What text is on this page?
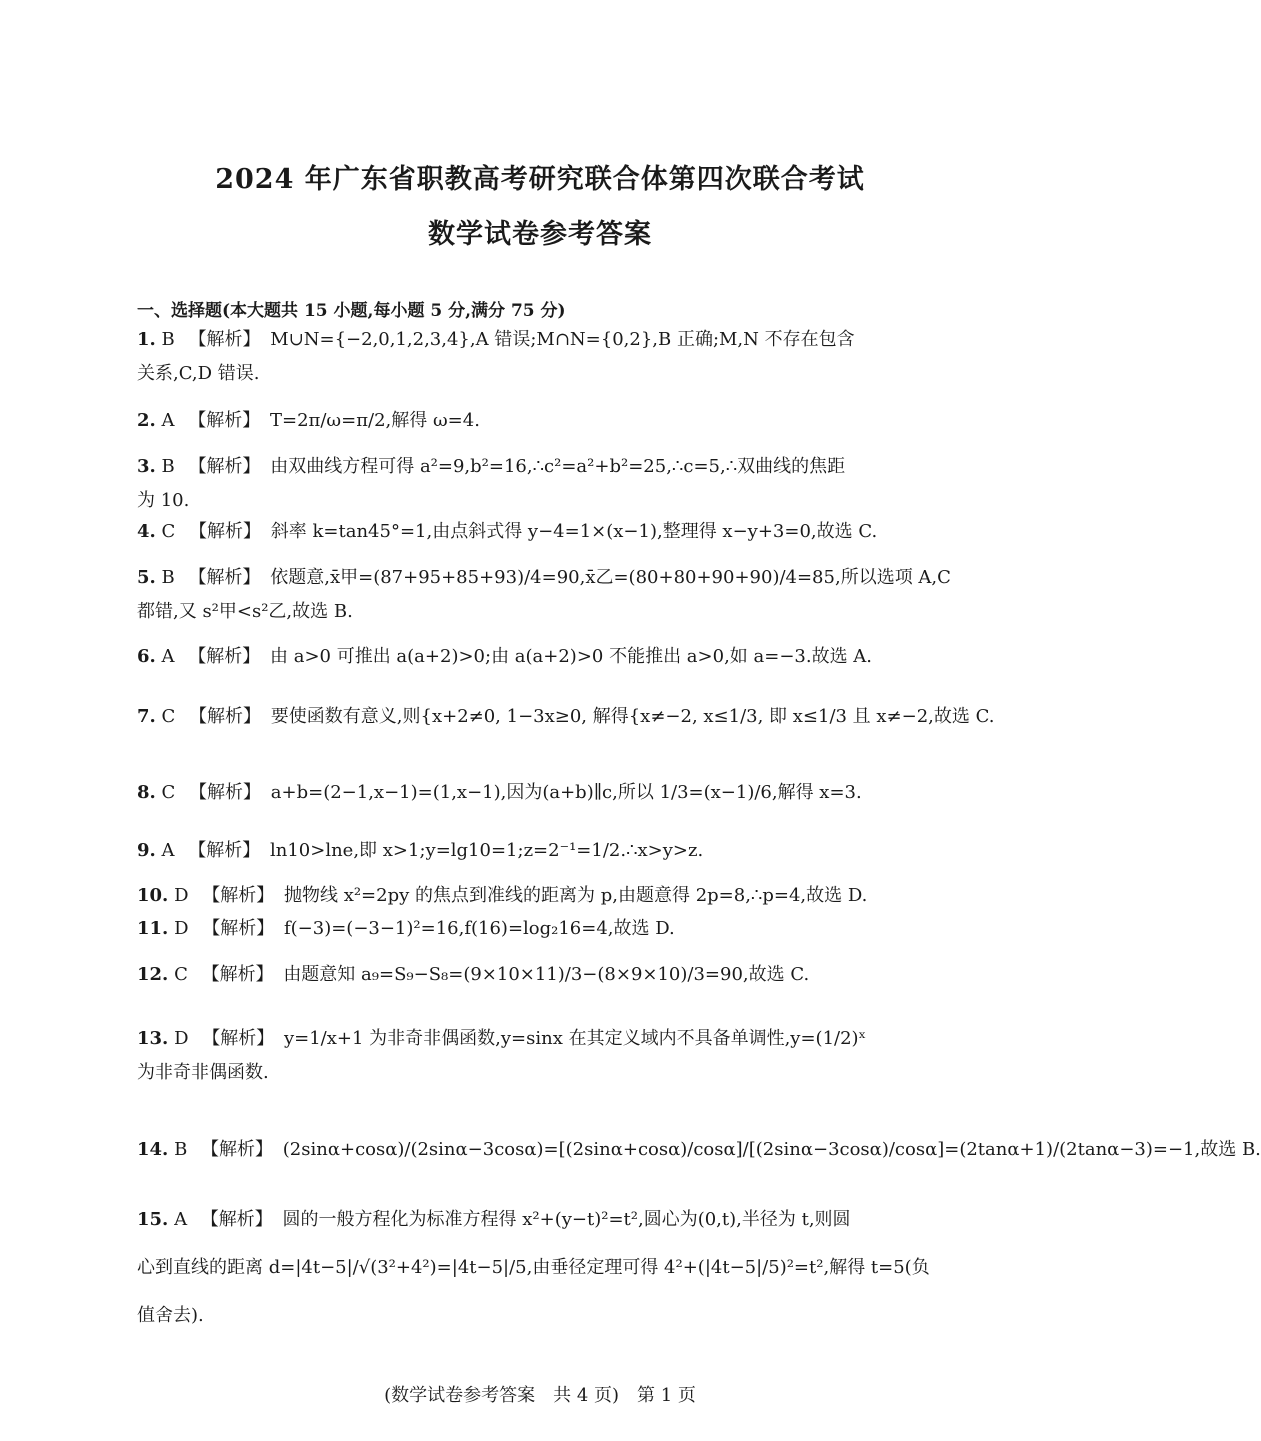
2024 年广东省职教高考研究联合体第四次联合考试
数学试卷参考答案
一、选择题(本大题共 15 小题,每小题 5 分,满分 75 分)
1. B 【解析】 M∪N={−2,0,1,2,3,4},A 错误;M∩N={0,2},B 正确;M,N 不存在包含
关系,C,D 错误.
2. A 【解析】 T=2π/ω=π/2,解得 ω=4.
3. B 【解析】 由双曲线方程可得 a²=9,b²=16,∴c²=a²+b²=25,∴c=5,∴双曲线的焦距
为 10.
4. C 【解析】 斜率 k=tan45°=1,由点斜式得 y−4=1×(x−1),整理得 x−y+3=0,故选 C.
5. B 【解析】 依题意,x̄甲=(87+95+85+93)/4=90,x̄乙=(80+80+90+90)/4=85,所以选项 A,C
都错,又 s²甲<s²乙,故选 B.
6. A 【解析】 由 a>0 可推出 a(a+2)>0;由 a(a+2)>0 不能推出 a>0,如 a=−3.故选 A.
7. C 【解析】 要使函数有意义,则{x+2≠0, 1−3x≥0, 解得{x≠−2, x≤1/3, 即 x≤1/3 且 x≠−2,故选 C.
8. C 【解析】 a+b=(2−1,x−1)=(1,x−1),因为(a+b)∥c,所以 1/3=(x−1)/6,解得 x=3.
9. A 【解析】 ln10>lne,即 x>1;y=lg10=1;z=2⁻¹=1/2.∴x>y>z.
10. D 【解析】 抛物线 x²=2py 的焦点到准线的距离为 p,由题意得 2p=8,∴p=4,故选 D.
11. D 【解析】 f(−3)=(−3−1)²=16,f(16)=log₂16=4,故选 D.
12. C 【解析】 由题意知 a₉=S₉−S₈=(9×10×11)/3−(8×9×10)/3=90,故选 C.
13. D 【解析】 y=1/x+1 为非奇非偶函数,y=sinx 在其定义域内不具备单调性,y=(1/2)ˣ
为非奇非偶函数.
14. B 【解析】 (2sinα+cosα)/(2sinα−3cosα)=[(2sinα+cosα)/cosα]/[(2sinα−3cosα)/cosα]=(2tanα+1)/(2tanα−3)=−1,故选 B.
15. A 【解析】 圆的一般方程化为标准方程得 x²+(y−t)²=t²,圆心为(0,t),半径为 t,则圆
心到直线的距离 d=|4t−5|/√(3²+4²)=|4t−5|/5,由垂径定理可得 4²+(|4t−5|/5)²=t²,解得 t=5(负
值舍去).
(数学试卷参考答案　共 4 页)　第 1 页
